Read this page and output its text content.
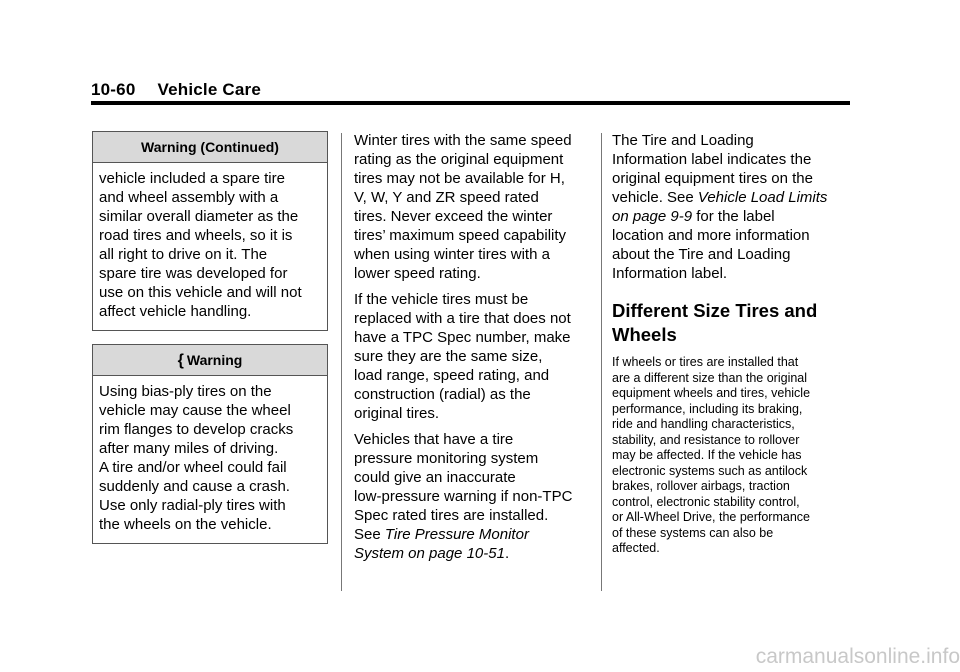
10-60 Vehicle Care
Warning (Continued)
vehicle included a spare tire
and wheel assembly with a
similar overall diameter as the
road tires and wheels, so it is
all right to drive on it. The
spare tire was developed for
use on this vehicle and will not
affect vehicle handling.
{ Warning
Using bias-ply tires on the
vehicle may cause the wheel
rim flanges to develop cracks
after many miles of driving.
A tire and/or wheel could fail
suddenly and cause a crash.
Use only radial-ply tires with
the wheels on the vehicle.

Winter tires with the same speed
rating as the original equipment
tires may not be available for H,
V, W, Y and ZR speed rated
tires. Never exceed the winter
tires’ maximum speed capability
when using winter tires with a
lower speed rating.

If the vehicle tires must be
replaced with a tire that does not
have a TPC Spec number, make
sure they are the same size,
load range, speed rating, and
construction (radial) as the
original tires.

Vehicles that have a tire
pressure monitoring system
could give an inaccurate
low-pressure warning if non-TPC
Spec rated tires are installed.
See Tire Pressure Monitor
System on page 10-51.

The Tire and Loading
Information label indicates the
original equipment tires on the
vehicle. See Vehicle Load Limits
on page 9-9 for the label
location and more information
about the Tire and Loading
Information label.

Different Size Tires and
Wheels

If wheels or tires are installed that
are a different size than the original
equipment wheels and tires, vehicle
performance, including its braking,
ride and handling characteristics,
stability, and resistance to rollover
may be affected. If the vehicle has
electronic systems such as antilock
brakes, rollover airbags, traction
control, electronic stability control,
or All-Wheel Drive, the performance
of these systems can also be
affected.

carmanualsonline.info
